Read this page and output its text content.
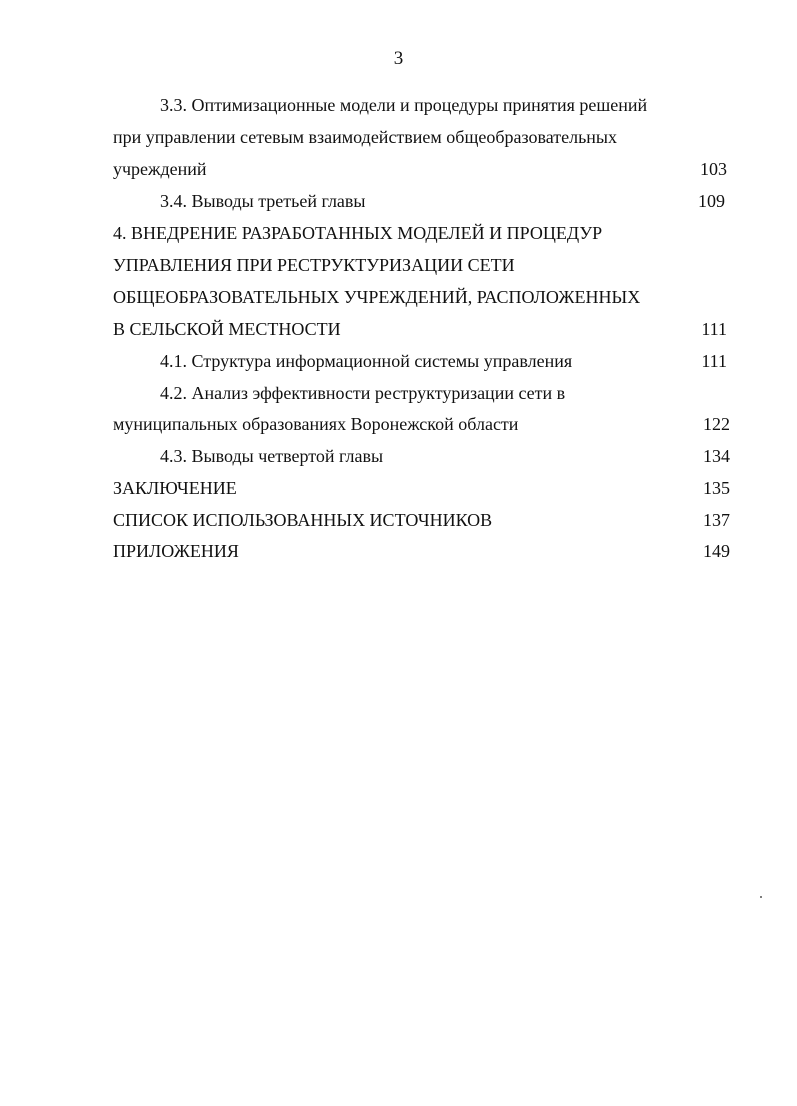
3
3.3. Оптимизационные модели и процедуры принятия решений
при управлении сетевым взаимодействием общеобразовательных
учреждений	103
3.4. Выводы третьей главы	109
4. ВНЕДРЕНИЕ РАЗРАБОТАННЫХ МОДЕЛЕЙ И ПРОЦЕДУР
УПРАВЛЕНИЯ ПРИ РЕСТРУКТУРИЗАЦИИ СЕТИ
ОБЩЕОБРАЗОВАТЕЛЬНЫХ УЧРЕЖДЕНИЙ, РАСПОЛОЖЕННЫХ
В СЕЛЬСКОЙ МЕСТНОСТИ	111
4.1. Структура информационной системы управления	111
4.2. Анализ эффективности реструктуризации сети в
муниципальных образованиях Воронежской области	122
4.3. Выводы четвертой главы	134
ЗАКЛЮЧЕНИЕ	135
СПИСОК ИСПОЛЬЗОВАННЫХ ИСТОЧНИКОВ	137
ПРИЛОЖЕНИЯ	149
